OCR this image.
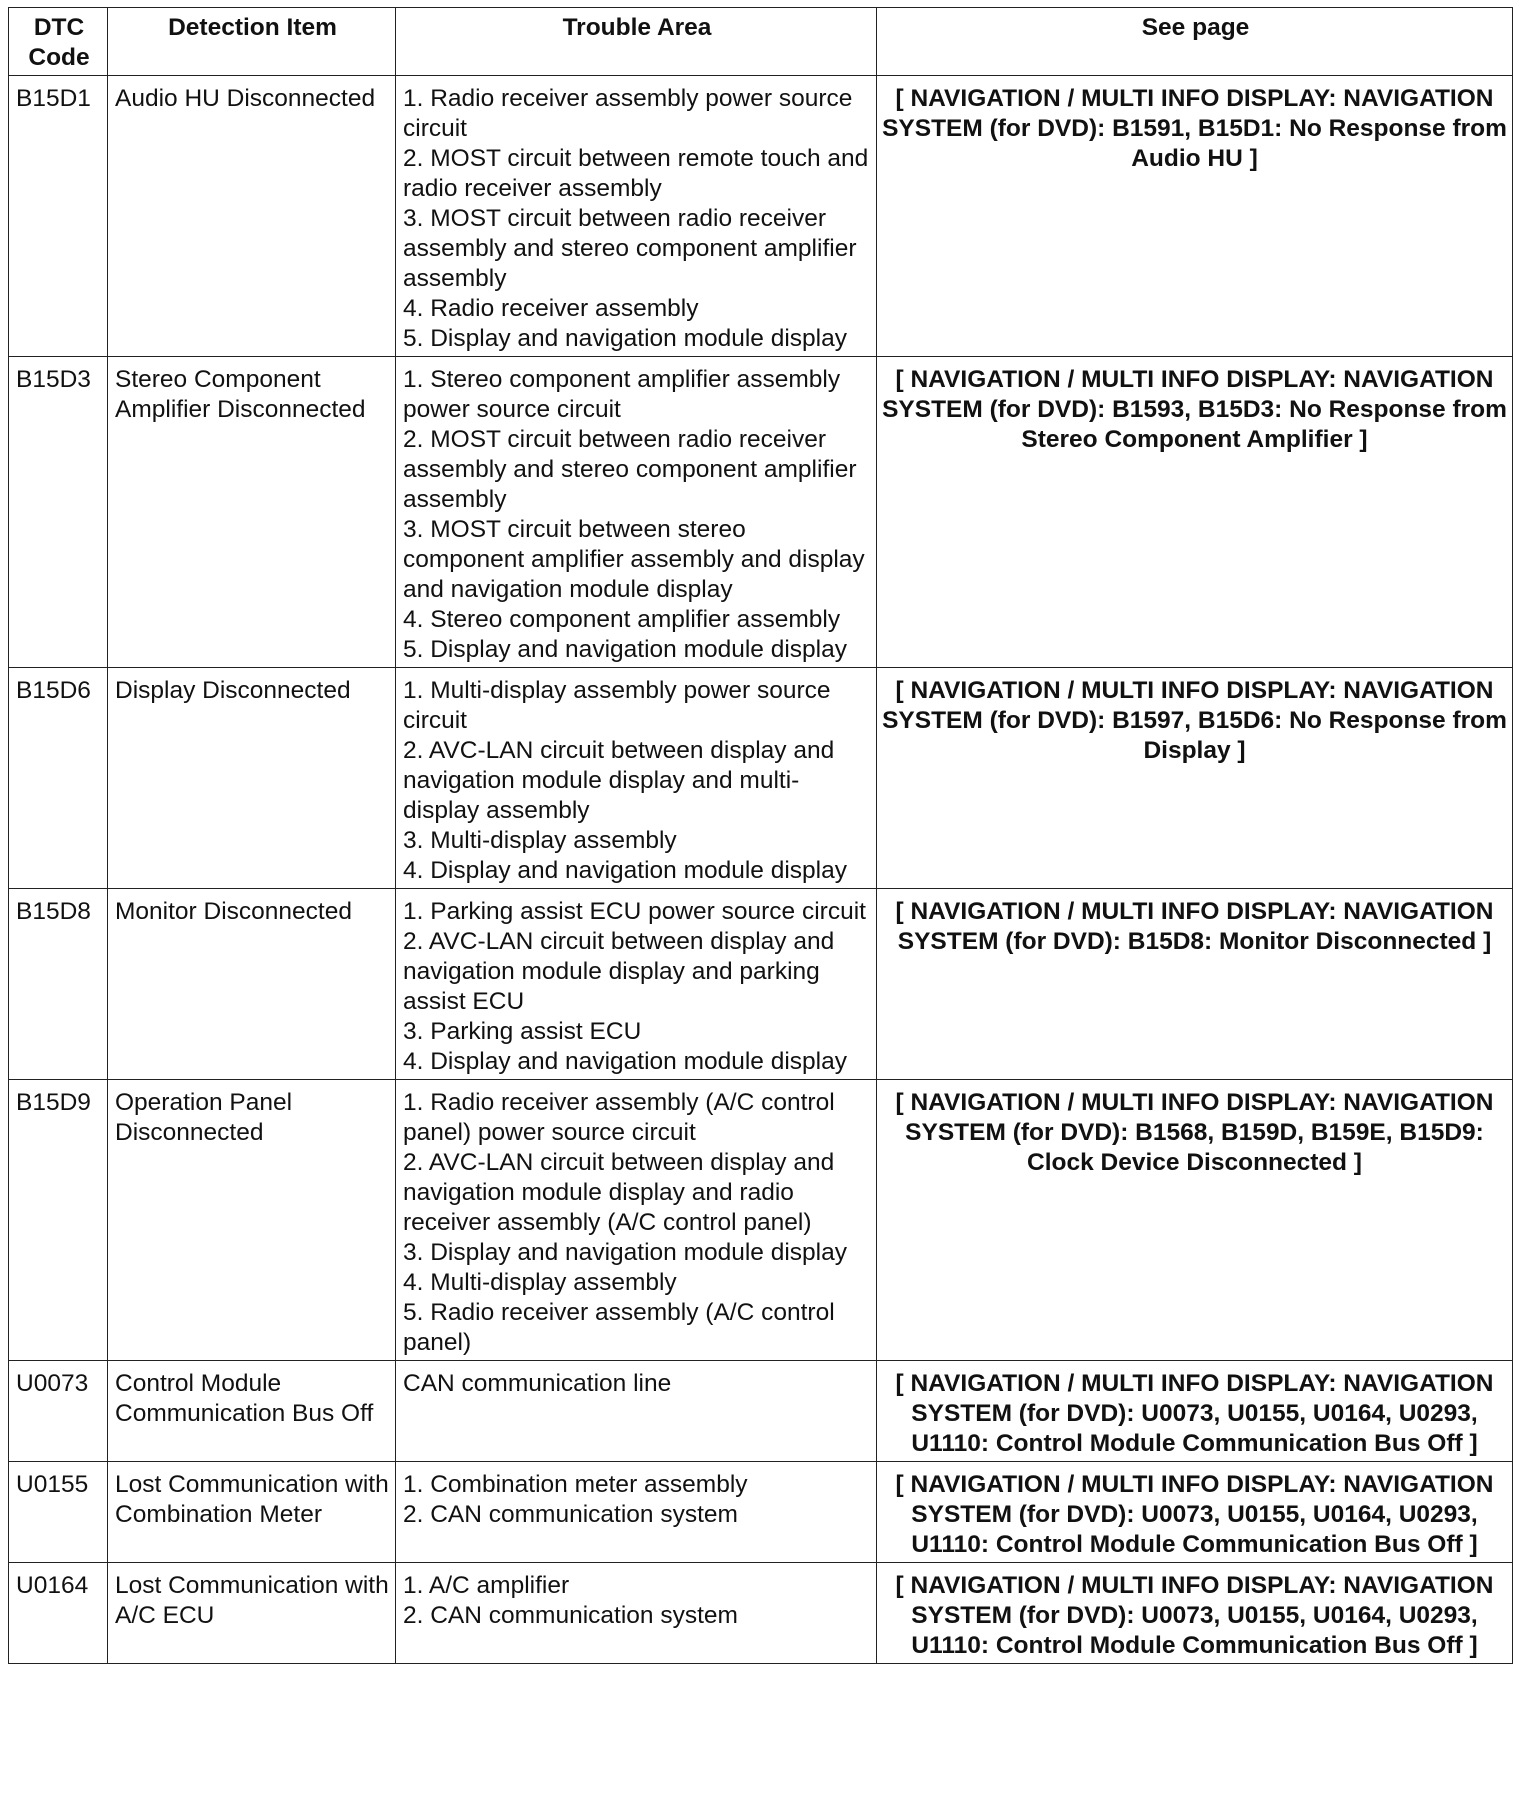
DTC
Code	Detection Item	Trouble Area	See page
B15D1	Audio HU Disconnected	1. Radio receiver assembly power source circuit
2. MOST circuit between remote touch and radio receiver assembly
3. MOST circuit between radio receiver assembly and stereo component amplifier assembly
4. Radio receiver assembly
5. Display and navigation module display	[ NAVIGATION / MULTI INFO DISPLAY: NAVIGATION SYSTEM (for DVD): B1591, B15D1: No Response from Audio HU ]
B15D3	Stereo Component Amplifier Disconnected	1. Stereo component amplifier assembly power source circuit
2. MOST circuit between radio receiver assembly and stereo component amplifier assembly
3. MOST circuit between stereo component amplifier assembly and display and navigation module display
4. Stereo component amplifier assembly
5. Display and navigation module display	[ NAVIGATION / MULTI INFO DISPLAY: NAVIGATION SYSTEM (for DVD): B1593, B15D3: No Response from Stereo Component Amplifier ]
B15D6	Display Disconnected	1. Multi-display assembly power source circuit
2. AVC-LAN circuit between display and navigation module display and multi-display assembly
3. Multi-display assembly
4. Display and navigation module display	[ NAVIGATION / MULTI INFO DISPLAY: NAVIGATION SYSTEM (for DVD): B1597, B15D6: No Response from Display ]
B15D8	Monitor Disconnected	1. Parking assist ECU power source circuit
2. AVC-LAN circuit between display and navigation module display and parking assist ECU
3. Parking assist ECU
4. Display and navigation module display	[ NAVIGATION / MULTI INFO DISPLAY: NAVIGATION SYSTEM (for DVD): B15D8: Monitor Disconnected ]
B15D9	Operation Panel Disconnected	1. Radio receiver assembly (A/C control panel) power source circuit
2. AVC-LAN circuit between display and navigation module display and radio receiver assembly (A/C control panel)
3. Display and navigation module display
4. Multi-display assembly
5. Radio receiver assembly (A/C control panel)	[ NAVIGATION / MULTI INFO DISPLAY: NAVIGATION SYSTEM (for DVD): B1568, B159D, B159E, B15D9: Clock Device Disconnected ]
U0073	Control Module Communication Bus Off	CAN communication line	[ NAVIGATION / MULTI INFO DISPLAY: NAVIGATION SYSTEM (for DVD): U0073, U0155, U0164, U0293, U1110: Control Module Communication Bus Off ]
U0155	Lost Communication with Combination Meter	1. Combination meter assembly
2. CAN communication system	[ NAVIGATION / MULTI INFO DISPLAY: NAVIGATION SYSTEM (for DVD): U0073, U0155, U0164, U0293, U1110: Control Module Communication Bus Off ]
U0164	Lost Communication with A/C ECU	1. A/C amplifier
2. CAN communication system	[ NAVIGATION / MULTI INFO DISPLAY: NAVIGATION SYSTEM (for DVD): U0073, U0155, U0164, U0293, U1110: Control Module Communication Bus Off ]
